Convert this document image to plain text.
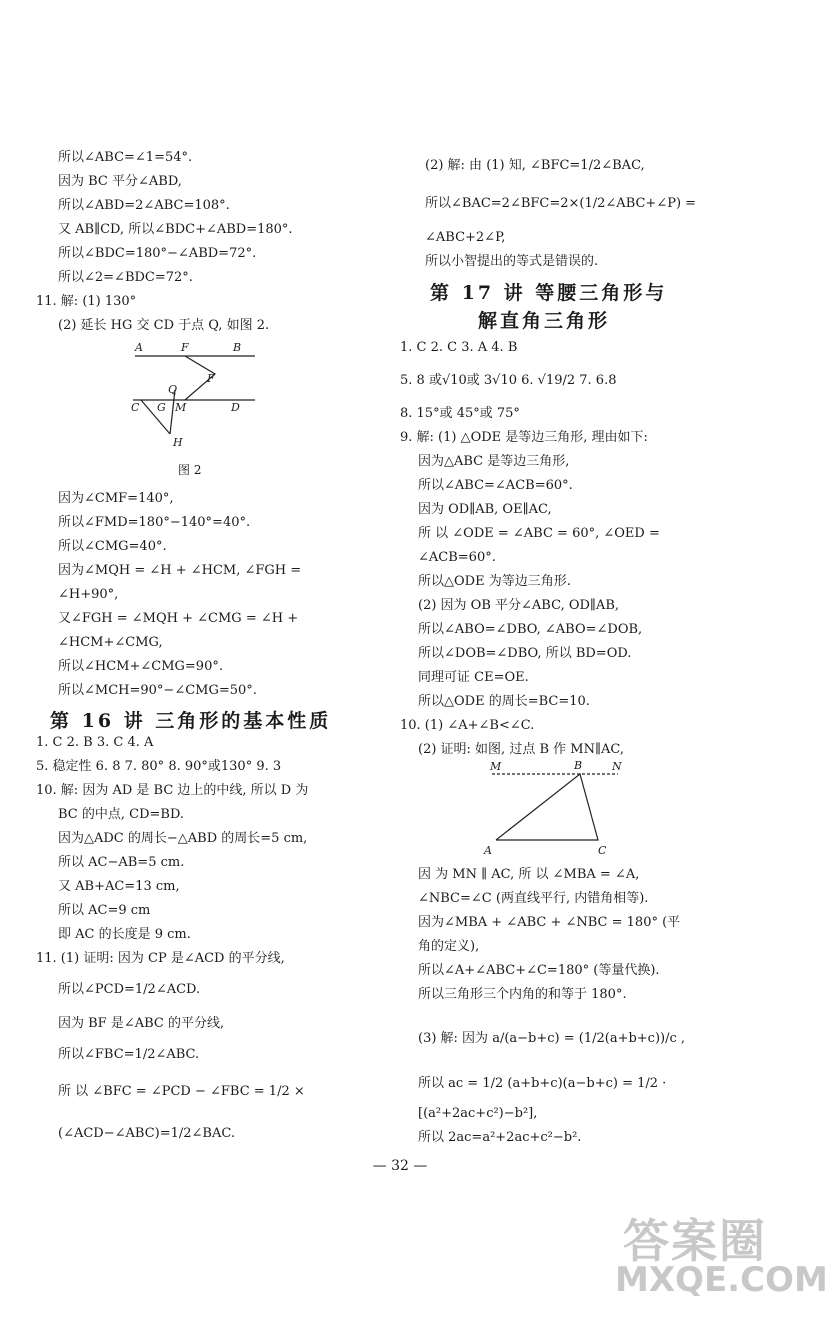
所以∠ABC=∠1=54°.
因为 BC 平分∠ABD,
所以∠ABD=2∠ABC=108°.
又 AB∥CD, 所以∠BDC+∠ABD=180°.
所以∠BDC=180°−∠ABD=72°.
所以∠2=∠BDC=72°.
11. 解: (1) 130°
(2) 延长 HG 交 CD 于点 Q, 如图 2.
A	F	B
F
Q
C G M	D
H
图 2
因为∠CMF=140°,
所以∠FMD=180°−140°=40°.
所以∠CMG=40°.
因为∠MQH = ∠H + ∠HCM, ∠FGH =
∠H+90°,
又∠FGH = ∠MQH + ∠CMG = ∠H +
∠HCM+∠CMG,
所以∠HCM+∠CMG=90°.
所以∠MCH=90°−∠CMG=50°.
第 16 讲 三角形的基本性质
1. C 2. B 3. C 4. A
5. 稳定性 6. 8 7. 80° 8. 90°或130° 9. 3
10. 解: 因为 AD 是 BC 边上的中线, 所以 D 为
BC 的中点, CD=BD.
因为△ADC 的周长−△ABD 的周长=5 cm,
所以 AC−AB=5 cm.
又 AB+AC=13 cm,
所以 AC=9 cm
即 AC 的长度是 9 cm.
11. (1) 证明: 因为 CP 是∠ACD 的平分线,
所以∠PCD=1/2∠ACD.
因为 BF 是∠ABC 的平分线,
所以∠FBC=1/2∠ABC.
所 以 ∠BFC = ∠PCD − ∠FBC = 1/2 ×
(∠ACD−∠ABC)=1/2∠BAC.
(2) 解: 由 (1) 知, ∠BFC=1/2∠BAC,
所以∠BAC=2∠BFC=2×(1/2∠ABC+∠P) =
∠ABC+2∠P,
所以小智提出的等式是错误的.
第 17 讲 等腰三角形与
解直角三角形
1. C 2. C 3. A 4. B
5. 8 或√10或 3√10 6. √19/2 7. 6.8
8. 15°或 45°或 75°
9. 解: (1) △ODE 是等边三角形, 理由如下:
因为△ABC 是等边三角形,
所以∠ABC=∠ACB=60°.
因为 OD∥AB, OE∥AC,
所 以 ∠ODE = ∠ABC = 60°, ∠OED =
∠ACB=60°.
所以△ODE 为等边三角形.
(2) 因为 OB 平分∠ABC, OD∥AB,
所以∠ABO=∠DBO, ∠ABO=∠DOB,
所以∠DOB=∠DBO, 所以 BD=OD.
同理可证 CE=OE.
所以△ODE 的周长=BC=10.
10. (1) ∠A+∠B<∠C.
(2) 证明: 如图, 过点 B 作 MN∥AC,
M	B	N
A	C
因 为 MN ∥ AC, 所 以 ∠MBA = ∠A,
∠NBC=∠C (两直线平行, 内错角相等).
因为∠MBA + ∠ABC + ∠NBC = 180° (平
角的定义),
所以∠A+∠ABC+∠C=180° (等量代换).
所以三角形三个内角的和等于 180°.
(3) 解: 因为 a/(a−b+c) = (1/2(a+b+c))/c ,
所以 ac = 1/2 (a+b+c)(a−b+c) = 1/2 ·
[(a²+2ac+c²)−b²],
所以 2ac=a²+2ac+c²−b².
— 32 —
答案圈
MXQE.COM
